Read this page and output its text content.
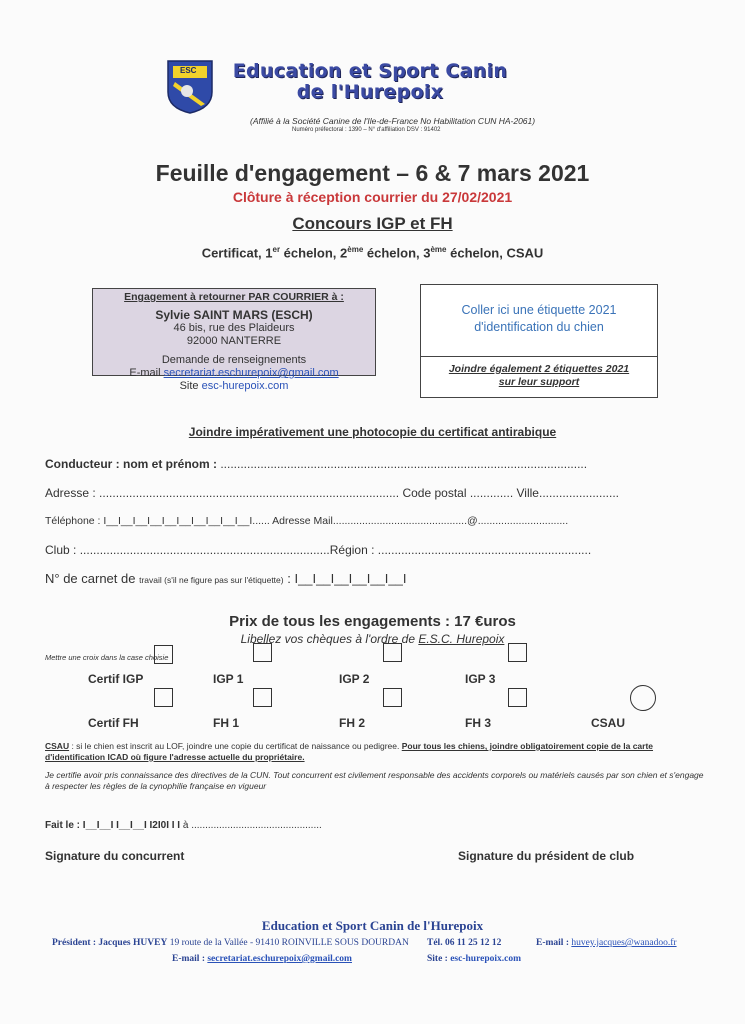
ESC Education et Sport Canin
de l'Hurepoix
(Affilié à la Société Canine de l'Ile-de-France No Habilitation CUN HA-2061)
Numéro préfectoral : 1390 – N° d'affiliation DSV : 91402
Feuille d'engagement – 6 & 7 mars 2021
Clôture à réception courrier du 27/02/2021
Concours IGP et FH
Certificat, 1er échelon, 2ème échelon, 3ème échelon, CSAU
Engagement à retourner PAR COURRIER à :
Sylvie SAINT MARS (ESCH)
46 bis, rue des Plaideurs
92000 NANTERRE
Demande de renseignements
E-mail secretariat.eschurepoix@gmail.com
Site esc-hurepoix.com
Coller ici une étiquette 2021
d'identification du chien
Joindre également 2 étiquettes 2021
sur leur support
Joindre impérativement une photocopie du certificat antirabique
Conducteur : nom et prénom : ..............................................................................................................
Adresse : .......................................................................................... Code postal ............. Ville........................
Téléphone : I__I__I__I__I__I__I__I__I__I__I...... Adresse Mail..............................................@...............................
Club : ...........................................................................Région : ................................................................
N° de carnet de travail (s'il ne figure pas sur l'étiquette) : I__I__I__I__I__I__I
Prix de tous les engagements : 17 €uros
Libellez vos chèques à l'ordre de E.S.C. Hurepoix
Mettre une croix dans la case choisie
Certif IGP	IGP 1	IGP 2	IGP 3
Certif FH	FH 1	FH 2	FH 3	CSAU
CSAU : si le chien est inscrit au LOF, joindre une copie du certificat de naissance ou pedigree. Pour tous les chiens, joindre obligatoirement copie de la carte d'identification ICAD où figure l'adresse actuelle du propriétaire.
Je certifie avoir pris connaissance des directives de la CUN. Tout concurrent est civilement responsable des accidents corporels ou matériels causés par son chien et s'engage à respecter les règles de la cynophilie française en vigueur
Fait le : I__I__I I__I__I I2I0I I I à ...............................................
Signature du concurrent	Signature du président de club
Education et Sport Canin de l'Hurepoix
Président : Jacques HUVEY 19 route de la Vallée - 91410 ROINVILLE SOUS DOURDAN Tél. 06 11 25 12 12	E-mail : huvey.jacques@wanadoo.fr
E-mail : secretariat.eschurepoix@gmail.com	Site : esc-hurepoix.com
